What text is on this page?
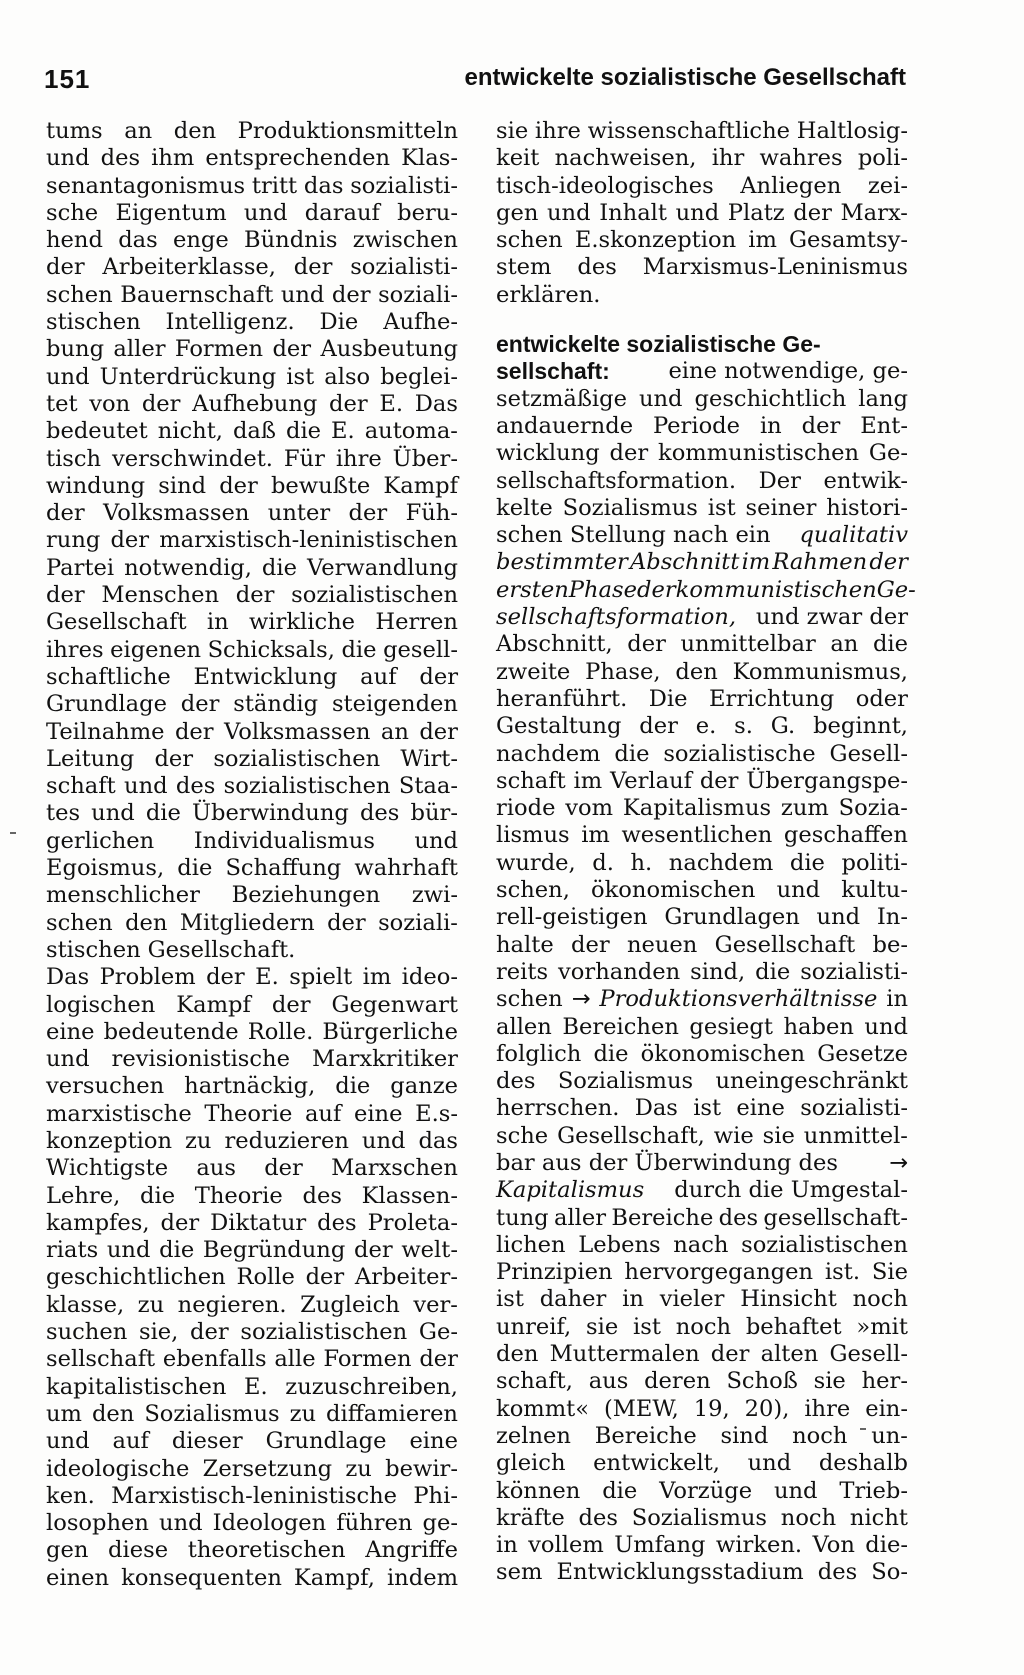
151	entwickelte sozialistische Gesellschaft
tums an den Produktionsmitteln
und des ihm entsprechenden Klas-
senantagonismus tritt das sozialisti-
sche Eigentum und darauf beru-
hend das enge Bündnis zwischen
der Arbeiterklasse, der sozialisti-
schen Bauernschaft und der soziali-
stischen Intelligenz. Die Aufhe-
bung aller Formen der Ausbeutung
und Unterdrückung ist also beglei-
tet von der Aufhebung der E. Das
bedeutet nicht, daß die E. automa-
tisch verschwindet. Für ihre Über-
windung sind der bewußte Kampf
der Volksmassen unter der Füh-
rung der marxistisch-leninistischen
Partei notwendig, die Verwandlung
der Menschen der sozialistischen
Gesellschaft in wirkliche Herren
ihres eigenen Schicksals, die gesell-
schaftliche Entwicklung auf der
Grundlage der ständig steigenden
Teilnahme der Volksmassen an der
Leitung der sozialistischen Wirt-
schaft und des sozialistischen Staa-
tes und die Überwindung des bür-
gerlichen Individualismus und
Egoismus, die Schaffung wahrhaft
menschlicher Beziehungen zwi-
schen den Mitgliedern der soziali-
stischen Gesellschaft.
Das Problem der E. spielt im ideo-
logischen Kampf der Gegenwart
eine bedeutende Rolle. Bürgerliche
und revisionistische Marxkritiker
versuchen hartnäckig, die ganze
marxistische Theorie auf eine E.s-
konzeption zu reduzieren und das
Wichtigste aus der Marxschen
Lehre, die Theorie des Klassen-
kampfes, der Diktatur des Proleta-
riats und die Begründung der welt-
geschichtlichen Rolle der Arbeiter-
klasse, zu negieren. Zugleich ver-
suchen sie, der sozialistischen Ge-
sellschaft ebenfalls alle Formen der
kapitalistischen E. zuzuschreiben,
um den Sozialismus zu diffamieren
und auf dieser Grundlage eine
ideologische Zersetzung zu bewir-
ken. Marxistisch-leninistische Phi-
losophen und Ideologen führen ge-
gen diese theoretischen Angriffe
einen konsequenten Kampf, indem
sie ihre wissenschaftliche Haltlosig-
keit nachweisen, ihr wahres poli-
tisch-ideologisches Anliegen zei-
gen und Inhalt und Platz der Marx-
schen E.skonzeption im Gesamtsy-
stem des Marxismus-Leninismus
erklären.
entwickelte sozialistische Ge-
sellschaft:	eine notwendige, ge-
setzmäßige und geschichtlich lang
andauernde Periode in der Ent-
wicklung der kommunistischen Ge-
sellschaftsformation. Der entwik-
kelte Sozialismus ist seiner histori-
schen Stellung nach ein qualitativ
bestimmter Abschnitt im Rahmen der
ersten Phase der kommunistischen Ge-
sellschaftsformation, und zwar der
Abschnitt, der unmittelbar an die
zweite Phase, den Kommunismus,
heranführt. Die Errichtung oder
Gestaltung der e. s. G. beginnt,
nachdem die sozialistische Gesell-
schaft im Verlauf der Übergangspe-
riode vom Kapitalismus zum Sozia-
lismus im wesentlichen geschaffen
wurde, d. h. nachdem die politi-
schen, ökonomischen und kultu-
rell-geistigen Grundlagen und In-
halte der neuen Gesellschaft be-
reits vorhanden sind, die sozialisti-
schen → Produktionsverhältnisse in
allen Bereichen gesiegt haben und
folglich die ökonomischen Gesetze
des Sozialismus uneingeschränkt
herrschen. Das ist eine sozialisti-
sche Gesellschaft, wie sie unmittel-
bar aus der Überwindung des →
Kapitalismus durch die Umgestal-
tung aller Bereiche des gesellschaft-
lichen Lebens nach sozialistischen
Prinzipien hervorgegangen ist. Sie
ist daher in vieler Hinsicht noch
unreif, sie ist noch behaftet »mit
den Muttermalen der alten Gesell-
schaft, aus deren Schoß sie her-
kommt« (MEW, 19, 20), ihre ein-
zelnen Bereiche sind noch un-
gleich entwickelt, und deshalb
können die Vorzüge und Trieb-
kräfte des Sozialismus noch nicht
in vollem Umfang wirken. Von die-
sem Entwicklungsstadium des So-
